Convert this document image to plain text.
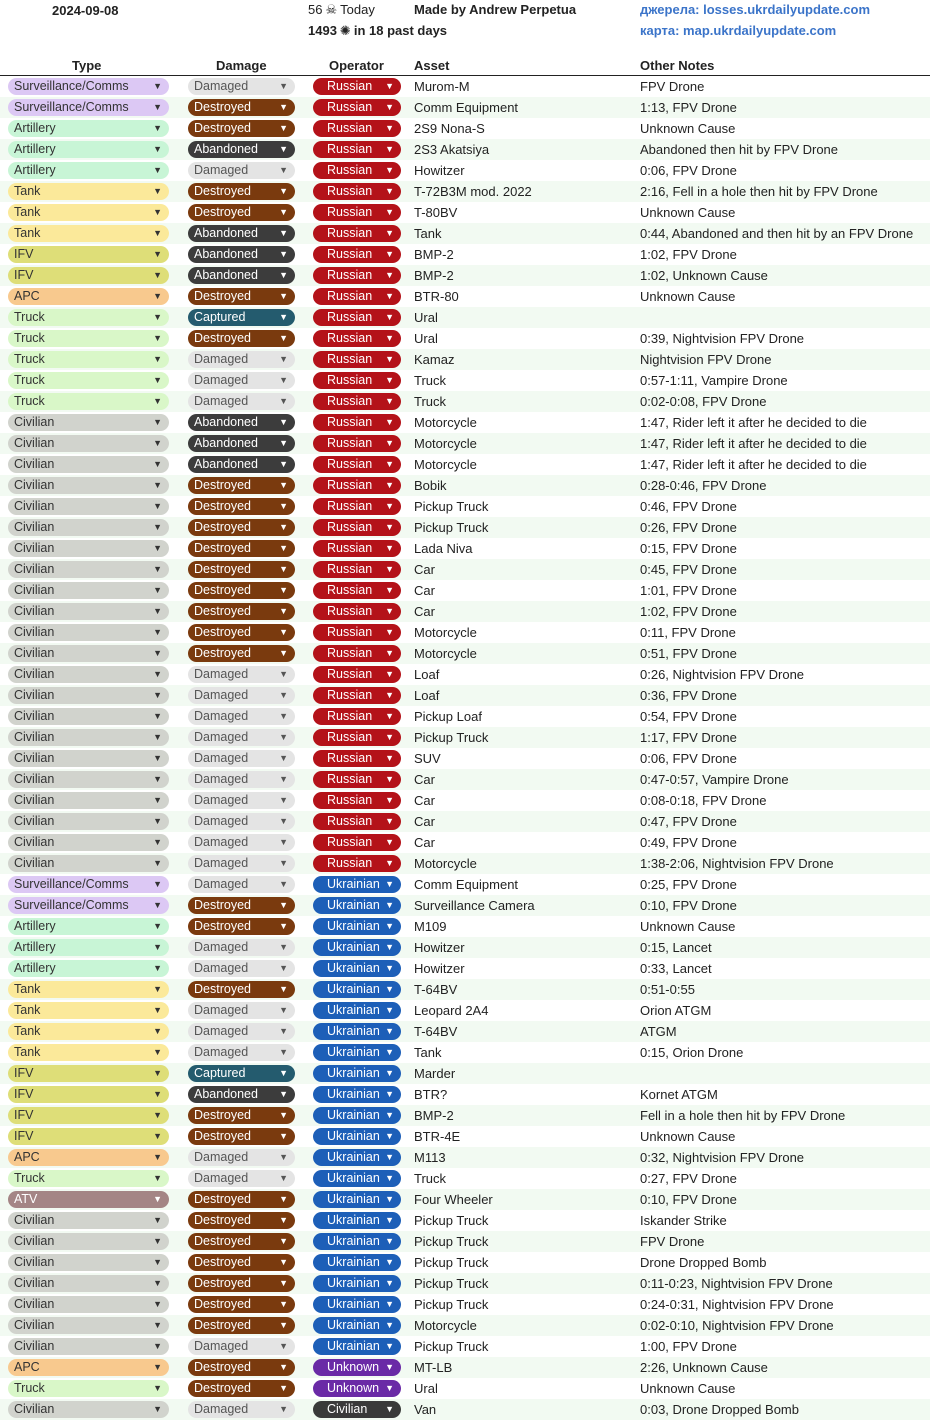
2024-09-08	56 ☠ Today
1493 ✺ in 18 past days
Made by Andrew Perpetua	джерела: losses.ukrdailyupdate.com
карта: map.ukrdailyupdate.com
Type	Damage	Operator Asset	Other Notes
Surveillance/Comms	▼	Damaged	▼	Russian ▼ Murom-M	FPV Drone
Surveillance/Comms	▼	Destroyed	▼	Russian ▼ Comm Equipment	1:13, FPV Drone
Artillery	▼	Destroyed	▼	Russian ▼ 2S9 Nona-S	Unknown Cause
Artillery	▼	Abandoned ▼	Russian ▼ 2S3 Akatsiya	Abandoned then hit by FPV Drone
Artillery	▼	Damaged	▼	Russian ▼ Howitzer	0:06, FPV Drone
Tank	▼	Destroyed	▼	Russian ▼ T-72B3M mod. 2022	2:16, Fell in a hole then hit by FPV Drone
Tank	▼	Destroyed	▼	Russian ▼ T-80BV	Unknown Cause
Tank	▼	Abandoned ▼	Russian ▼ Tank	0:44, Abandoned and then hit by an FPV Drone
IFV	▼	Abandoned ▼	Russian ▼ BMP-2	1:02, FPV Drone
IFV	▼	Abandoned ▼	Russian ▼ BMP-2	1:02, Unknown Cause
APC	▼	Destroyed	▼	Russian ▼ BTR-80	Unknown Cause
Truck	▼	Captured	▼	Russian ▼ Ural
Truck	▼	Destroyed	▼	Russian ▼ Ural	0:39, Nightvision FPV Drone
Truck	▼	Damaged	▼	Russian ▼ Kamaz	Nightvision FPV Drone
Truck	▼	Damaged	▼	Russian ▼ Truck	0:57-1:11, Vampire Drone
Truck	▼	Damaged	▼	Russian ▼ Truck	0:02-0:08, FPV Drone
Civilian	▼	Abandoned ▼	Russian ▼ Motorcycle	1:47, Rider left it after he decided to die
Civilian	▼	Abandoned ▼	Russian ▼ Motorcycle	1:47, Rider left it after he decided to die
Civilian	▼	Abandoned ▼	Russian ▼ Motorcycle	1:47, Rider left it after he decided to die
Civilian	▼	Destroyed	▼	Russian ▼ Bobik	0:28-0:46, FPV Drone
Civilian	▼	Destroyed	▼	Russian ▼ Pickup Truck	0:46, FPV Drone
Civilian	▼	Destroyed	▼	Russian ▼ Pickup Truck	0:26, FPV Drone
Civilian	▼	Destroyed	▼	Russian ▼ Lada Niva	0:15, FPV Drone
Civilian	▼	Destroyed	▼	Russian ▼ Car	0:45, FPV Drone
Civilian	▼	Destroyed	▼	Russian ▼ Car	1:01, FPV Drone
Civilian	▼	Destroyed	▼	Russian ▼ Car	1:02, FPV Drone
Civilian	▼	Destroyed	▼	Russian ▼ Motorcycle	0:11, FPV Drone
Civilian	▼	Destroyed	▼	Russian ▼ Motorcycle	0:51, FPV Drone
Civilian	▼	Damaged	▼	Russian ▼ Loaf	0:26, Nightvision FPV Drone
Civilian	▼	Damaged	▼	Russian ▼ Loaf	0:36, FPV Drone
Civilian	▼	Damaged	▼	Russian ▼ Pickup Loaf	0:54, FPV Drone
Civilian	▼	Damaged	▼	Russian ▼ Pickup Truck	1:17, FPV Drone
Civilian	▼	Damaged	▼	Russian ▼ SUV	0:06, FPV Drone
Civilian	▼	Damaged	▼	Russian ▼ Car	0:47-0:57, Vampire Drone
Civilian	▼	Damaged	▼	Russian ▼ Car	0:08-0:18, FPV Drone
Civilian	▼	Damaged	▼	Russian ▼ Car	0:47, FPV Drone
Civilian	▼	Damaged	▼	Russian ▼ Car	0:49, FPV Drone
Civilian	▼	Damaged	▼	Russian ▼ Motorcycle	1:38-2:06, Nightvision FPV Drone
Surveillance/Comms	▼	Damaged	▼	Ukrainian ▼ Comm Equipment	0:25, FPV Drone
Surveillance/Comms	▼	Destroyed	▼	Ukrainian ▼ Surveillance Camera	0:10, FPV Drone
Artillery	▼	Destroyed	▼	Ukrainian ▼ M109	Unknown Cause
Artillery	▼	Damaged	▼	Ukrainian ▼ Howitzer	0:15, Lancet
Artillery	▼	Damaged	▼	Ukrainian ▼ Howitzer	0:33, Lancet
Tank	▼	Destroyed	▼	Ukrainian ▼ T-64BV	0:51-0:55
Tank	▼	Damaged	▼	Ukrainian ▼ Leopard 2A4	Orion ATGM
Tank	▼	Damaged	▼	Ukrainian ▼ T-64BV	ATGM
Tank	▼	Damaged	▼	Ukrainian ▼ Tank	0:15, Orion Drone
IFV	▼	Captured	▼	Ukrainian ▼ Marder
IFV	▼	Abandoned ▼	Ukrainian ▼ BTR?	Kornet ATGM
IFV	▼	Destroyed	▼	Ukrainian ▼ BMP-2	Fell in a hole then hit by FPV Drone
IFV	▼	Destroyed	▼	Ukrainian ▼ BTR-4E	Unknown Cause
APC	▼	Damaged	▼	Ukrainian ▼ M113	0:32, Nightvision FPV Drone
Truck	▼	Damaged	▼	Ukrainian ▼ Truck	0:27, FPV Drone
ATV	▼	Destroyed	▼	Ukrainian ▼ Four Wheeler	0:10, FPV Drone
Civilian	▼	Destroyed	▼	Ukrainian ▼ Pickup Truck	Iskander Strike
Civilian	▼	Destroyed	▼	Ukrainian ▼ Pickup Truck	FPV Drone
Civilian	▼	Destroyed	▼	Ukrainian ▼ Pickup Truck	Drone Dropped Bomb
Civilian	▼	Destroyed	▼	Ukrainian ▼ Pickup Truck	0:11-0:23, Nightvision FPV Drone
Civilian	▼	Destroyed	▼	Ukrainian ▼ Pickup Truck	0:24-0:31, Nightvision FPV Drone
Civilian	▼	Destroyed	▼	Ukrainian ▼ Motorcycle	0:02-0:10, Nightvision FPV Drone
Civilian	▼	Damaged	▼	Ukrainian ▼ Pickup Truck	1:00, FPV Drone
APC	▼	Destroyed	▼	Unknown ▼ MT-LB	2:26, Unknown Cause
Truck	▼	Destroyed	▼	Unknown ▼ Ural	Unknown Cause
Civilian	▼	Damaged	▼	Civilian ▼ Van	0:03, Drone Dropped Bomb
